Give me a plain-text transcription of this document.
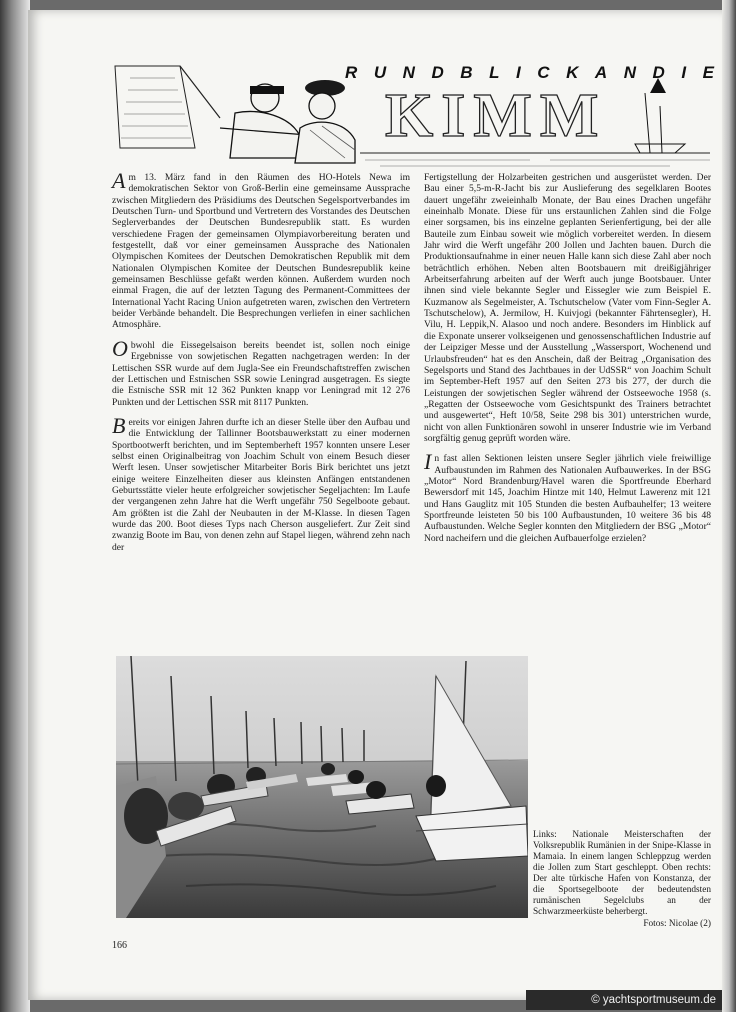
KIMM
R U N D B L I C K A N D I E

Am 13. März fand in den Räumen des HO-Hotels Newa im demokratischen Sektor von Groß-Berlin eine gemeinsame Aussprache zwischen Mitgliedern des Präsidiums des Deutschen Segelsportverbandes im Deutschen Turn- und Sportbund und Vertretern des Vorstandes des Deutschen Seglerverbandes der Deutschen Bundesrepublik statt. Es wurden verschiedene Fragen der gemeinsamen Olympiavorbereitung beraten und festgestellt, daß vor einer gemeinsamen Aussprache des Nationalen Olympischen Komitees der Deutschen Demokratischen Republik mit dem Nationalen Olympischen Komitee der Deutschen Bundesrepublik keine gemeinsamen Beschlüsse gefaßt werden können. Außerdem wurden noch einmal Fragen, die auf der letzten Tagung des Permanent-Committees der International Yacht Racing Union aufgetreten waren, zwischen den Vertretern beider Verbände behandelt. Die Besprechungen verliefen in einer sachlichen Atmosphäre.

Obwohl die Eissegelsaison bereits beendet ist, sollen noch einige Ergebnisse von sowjetischen Regatten nachgetragen werden: In der Lettischen SSR wurde auf dem Jugla-See ein Freundschaftstreffen zwischen der Lettischen und Estnischen SSR sowie Leningrad ausgetragen. Es siegte die Estnische SSR mit 12 362 Punkten knapp vor Leningrad mit 12 276 Punkten und der Lettischen SSR mit 8117 Punkten.

Bereits vor einigen Jahren durfte ich an dieser Stelle über den Aufbau und die Entwicklung der Tallinner Bootsbauwerkstatt zu einer modernen Sportbootwerft berichten, und im Septemberheft 1957 konnten unsere Leser selbst einen Originalbeitrag von Joachim Schult von einem Besuch dieser Werft lesen. Unser sowjetischer Mitarbeiter Boris Birk berichtet uns jetzt einige weitere Einzelheiten dieser aus kleinsten Anfängen entstandenen Geburtsstätte vieler heute erfolgreicher sowjetischer Segeljachten: Im Laufe der vergangenen zehn Jahre hat die Werft ungefähr 750 Segelboote gebaut. Am größten ist die Zahl der Neubauten in der M-Klasse. In diesen Tagen wurde das 200. Boot dieses Typs nach Cherson ausgeliefert. Zur Zeit sind zwanzig Boote im Bau, von denen zehn auf Stapel liegen, während zehn nach der

Fertigstellung der Holzarbeiten gestrichen und ausgerüstet werden. Der Bau einer 5,5-m-R-Jacht bis zur Auslieferung des segelklaren Bootes dauert ungefähr zweieinhalb Monate, der Bau eines Drachen ungefähr eineinhalb Monate. Diese für uns erstaunlichen Zahlen sind die Folge einer sorgsamen, bis ins einzelne geplanten Serienfertigung, bei der alle Bauteile zum Einbau soweit wie möglich vorbereitet werden. In diesem Jahr wird die Werft ungefähr 200 Jollen und Jachten bauen. Durch die Produktionsaufnahme in einer neuen Halle kann sich diese Zahl aber noch beträchtlich erhöhen. Neben alten Bootsbauern mit dreißigjähriger Arbeitserfahrung arbeiten auf der Werft auch junge Bootsbauer. Unter ihnen sind viele bekannte Segler und Eissegler wie zum Beispiel E. Kuzmanow als Segelmeister, A. Tschutschelow (Vater vom Finn-Segler A. Tschutschelow), A. Jermilow, H. Kuivjogi (bekannter Fährtensegler), H. Vilu, H. Leppik,N. Alasoo und noch andere. Besonders im Hinblick auf die Exponate unserer volkseigenen und genossenschaftlichen Industrie auf der Leipziger Messe und der Ausstellung „Wassersport, Wochenend und Urlaubsfreuden“ hat es den Anschein, daß der Beitrag „Organisation des Segelsports und Stand des Jachtbaues in der UdSSR“ von Joachim Schult im September-Heft 1957 auf den Seiten 273 bis 277, der durch die Leistungen der sowjetischen Segler während der Ostseewoche 1958 (s. „Regatten der Ostseewoche vom Gesichtspunkt des Trainers betrachtet und ausgewertet“, Heft 10/58, Seite 298 bis 301) unterstrichen wurde, nicht von allen Funktionären sowohl in unserer Industrie wie im Verband sorgfältig genug geprüft worden wäre.

In fast allen Sektionen leisten unsere Segler jährlich viele freiwillige Aufbaustunden im Rahmen des Nationalen Aufbauwerkes. In der BSG „Motor“ Nord Brandenburg/Havel waren die Sportfreunde Eberhard Bewersdorf mit 145, Joachim Hintze mit 140, Helmut Lawerenz mit 121 und Hans Gauglitz mit 105 Stunden die besten Aufbauhelfer; 13 weitere Sportfreunde leisteten 50 bis 100 Aufbaustunden, 10 weitere 36 bis 48 Aufbaustunden. Welche Segler konnten den Mitgliedern der BSG „Motor“ Nord nacheifern und die gleichen Aufbauerfolge erzielen?

Links: Nationale Meisterschaften der Volksrepublik Rumänien in der Snipe-Klasse in Mamaia. In einem langen Schleppzug werden die Jollen zum Start geschleppt. Oben rechts: Der alte türkische Hafen von Konstanza, der die Sportsegelboote der bedeutendsten rumänischen Segelclubs an der Schwarzmeerküste beherbergt.
Fotos: Nicolae (2)
166
© yachtsportmuseum.de
